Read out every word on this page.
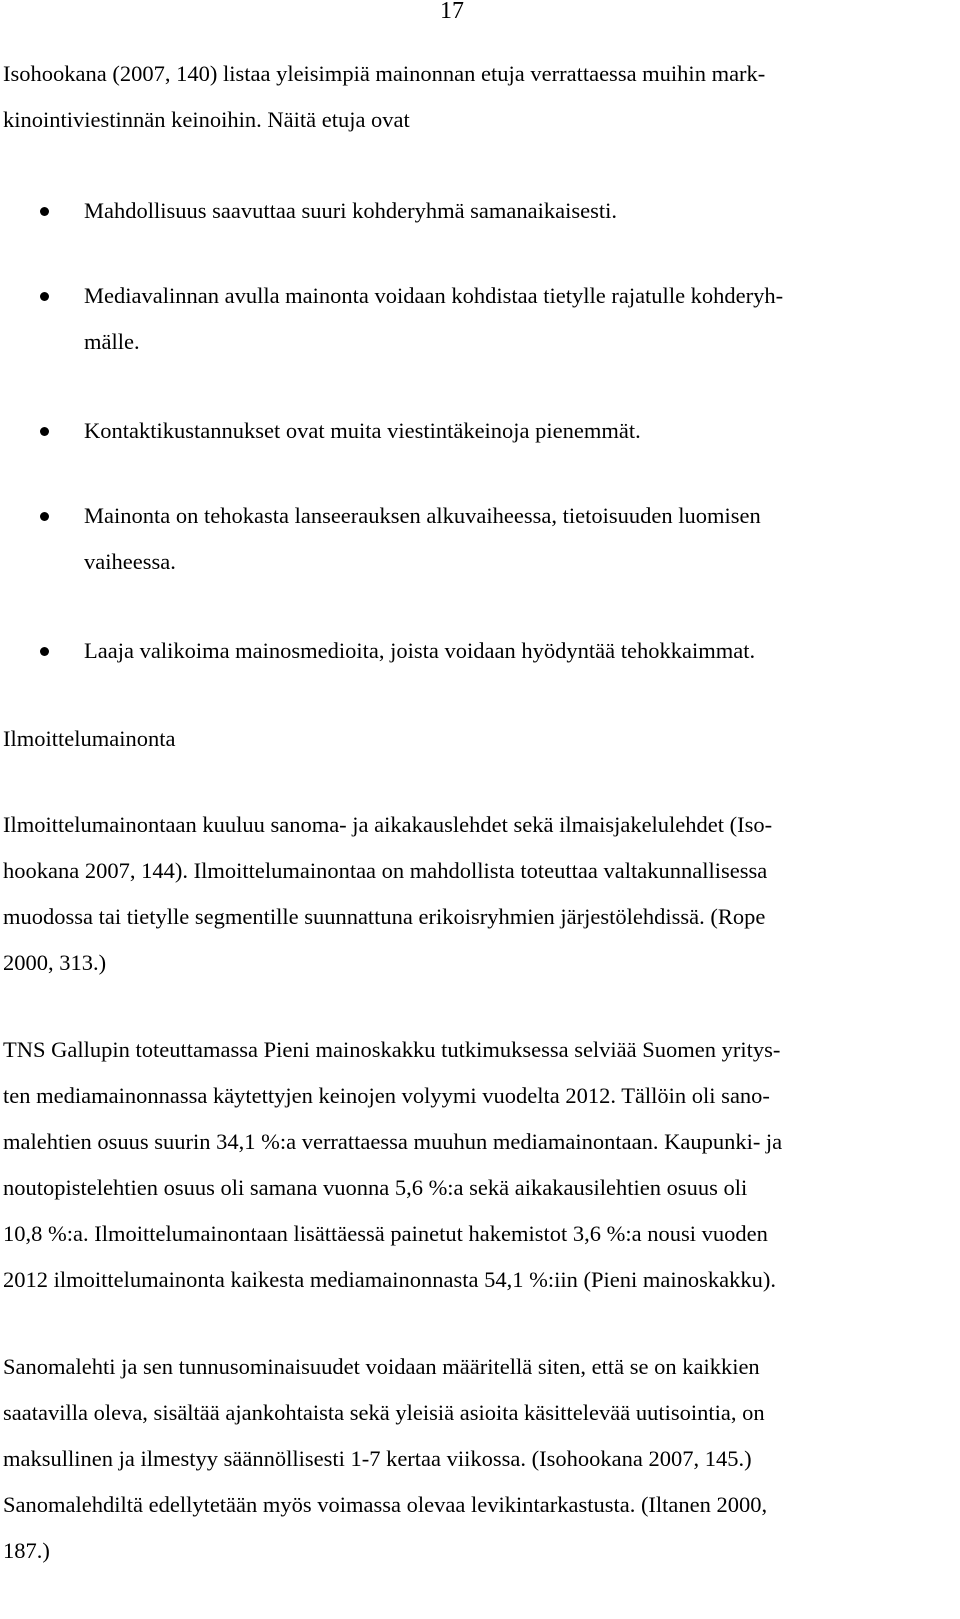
17
Isohookana (2007, 140) listaa yleisimpiä mainonnan etuja verrattaessa muihin mark-
kinointiviestinnän keinoihin. Näitä etuja ovat
Mahdollisuus saavuttaa suuri kohderyhmä samanaikaisesti.
Mediavalinnan avulla mainonta voidaan kohdistaa tietylle rajatulle kohderyh-
mälle.
Kontaktikustannukset ovat muita viestintäkeinoja pienemmät.
Mainonta on tehokasta lanseerauksen alkuvaiheessa, tietoisuuden luomisen
vaiheessa.
Laaja valikoima mainosmedioita, joista voidaan hyödyntää tehokkaimmat.
Ilmoittelumainonta
Ilmoittelumainontaan kuuluu sanoma- ja aikakauslehdet sekä ilmaisjakelulehdet (Iso-
hookana 2007, 144). Ilmoittelumainontaa on mahdollista toteuttaa valtakunnallisessa
muodossa tai tietylle segmentille suunnattuna erikoisryhmien järjestölehdissä. (Rope
2000, 313.)
TNS Gallupin toteuttamassa Pieni mainoskakku tutkimuksessa selviää Suomen yritys-
ten mediamainonnassa käytettyjen keinojen volyymi vuodelta 2012. Tällöin oli sano-
malehtien osuus suurin 34,1 %:a verrattaessa muuhun mediamainontaan. Kaupunki- ja
noutopistelehtien osuus oli samana vuonna 5,6 %:a sekä aikakausilehtien osuus oli
10,8 %:a. Ilmoittelumainontaan lisättäessä painetut hakemistot 3,6 %:a nousi vuoden
2012 ilmoittelumainonta kaikesta mediamainonnasta 54,1 %:iin (Pieni mainoskakku).
Sanomalehti ja sen tunnusominaisuudet voidaan määritellä siten, että se on kaikkien
saatavilla oleva, sisältää ajankohtaista sekä yleisiä asioita käsittelevää uutisointia, on
maksullinen ja ilmestyy säännöllisesti 1-7 kertaa viikossa. (Isohookana 2007, 145.)
Sanomalehdiltä edellytetään myös voimassa olevaa levikintarkastusta. (Iltanen 2000,
187.)
